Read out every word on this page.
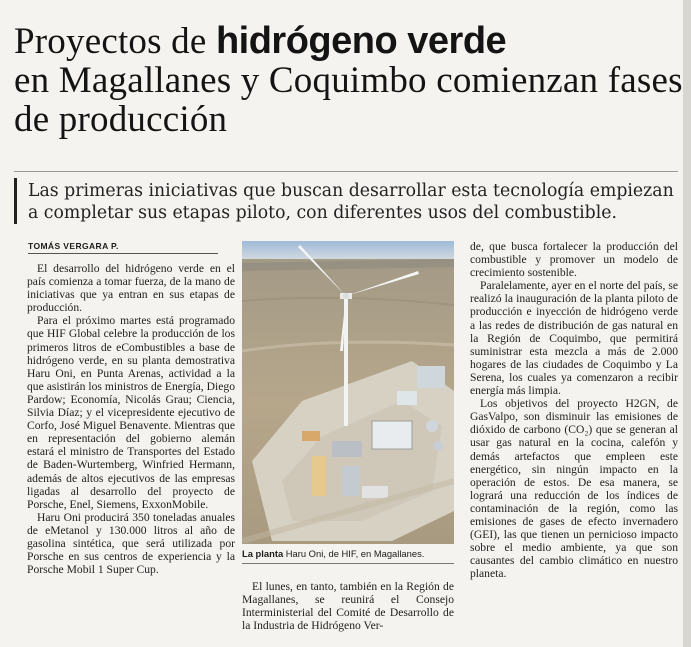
Proyectos de hidrógeno verde
en Magallanes y Coquimbo comienzan fases de producción
Las primeras iniciativas que buscan desarrollar esta tecnología empiezan a completar sus etapas piloto, con diferentes usos del combustible.
TOMÁS VERGARA P.

El desarrollo del hidrógeno verde en el país comienza a tomar fuerza, de la mano de iniciativas que ya entran en sus etapas de producción.

Para el próximo martes está programado que HIF Global celebre la producción de los primeros litros de eCombustibles a base de hidrógeno verde, en su planta demostrativa Haru Oni, en Punta Arenas, actividad a la que asistirán los ministros de Energía, Diego Pardow; Economía, Nicolás Grau; Ciencia, Silvia Díaz; y el vicepresidente ejecutivo de Corfo, José Miguel Benavente. Mientras que en representación del gobierno alemán estará el ministro de Transportes del Estado de Baden-Wurtemberg, Winfried Hermann, además de altos ejecutivos de las empresas ligadas al desarrollo del proyecto de Porsche, Enel, Siemens, ExxonMobile.

Haru Oni producirá 350 toneladas anuales de eMetanol y 130.000 litros al año de gasolina sintética, que será utilizada por Porsche en sus centros de experiencia y la Porsche Mobil 1 Super Cup.

La planta Haru Oni, de HIF, en Magallanes.

El lunes, en tanto, también en la Región de Magallanes, se reunirá el Consejo Interministerial del Comité de Desarrollo de la Industria de Hidrógeno Ver-

de, que busca fortalecer la producción del combustible y promover un modelo de crecimiento sostenible.

Paralelamente, ayer en el norte del país, se realizó la inauguración de la planta piloto de producción e inyección de hidrógeno verde a las redes de distribución de gas natural en la Región de Coquimbo, que permitirá suministrar esta mezcla a más de 2.000 hogares de las ciudades de Coquimbo y La Serena, los cuales ya comenzaron a recibir energía más limpia.

Los objetivos del proyecto H2GN, de GasValpo, son disminuir las emisiones de dióxido de carbono (CO₂) que se generan al usar gas natural en la cocina, calefón y demás artefactos que empleen este energético, sin ningún impacto en la operación de estos. De esa manera, se logrará una reducción de los índices de contaminación de la región, como las emisiones de gases de efecto invernadero (GEI), las que tienen un pernicioso impacto sobre el medio ambiente, ya que son causantes del cambio climático en nuestro planeta.
